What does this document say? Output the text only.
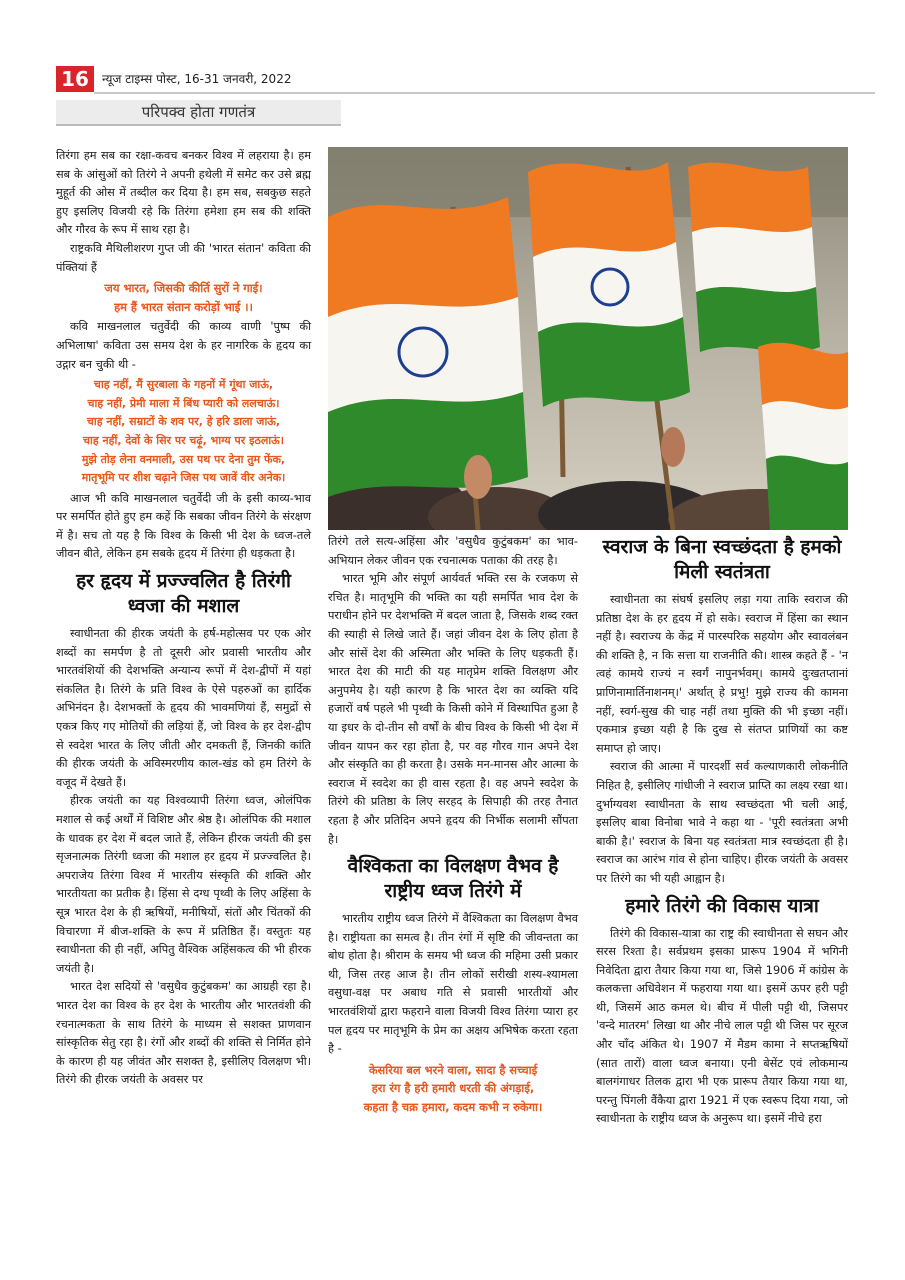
16	न्यूज टाइम्स पोस्ट, 16-31 जनवरी, 2022
परिपक्व होता गणतंत्र

तिरंगा हम सब का रक्षा-कवच बनकर विश्व में लहराया है। हम सब के आंसुओं को तिरंगे ने अपनी हथेली में समेट कर उसे ब्रह्म मुहूर्त की ओस में तब्दील कर दिया है। हम सब, सबकुछ सहते हुए इसलिए विजयी रहे कि तिरंगा हमेशा हम सब की शक्ति और गौरव के रूप में साथ रहा है।

राष्ट्रकवि मैथिलीशरण गुप्त जी की 'भारत संतान' कविता की पंक्तियां हैं

जय भारत, जिसकी कीर्ति सुरों ने गाई।
हम हैं भारत संतान करोड़ों भाई ।।

कवि माखनलाल चतुर्वेदी की काव्य वाणी 'पुष्प की अभिलाषा' कविता उस समय देश के हर नागरिक के हृदय का उद्गार बन चुकी थी -

चाह नहीं, मैं सुरबाला के गहनों में गूंथा जाऊं,
चाह नहीं, प्रेमी माला में बिंध प्यारी को ललचाऊं।
चाह नहीं, सम्राटों के शव पर, हे हरि डाला जाऊं,
चाह नहीं, देवों के सिर पर चढ़ूं, भाग्य पर इठलाऊं।
मुझे तोड़ लेना वनमाली, उस पथ पर देना तुम फेंक,
मातृभूमि पर शीश चढ़ाने जिस पथ जावें वीर अनेक।

आज भी कवि माखनलाल चतुर्वेदी जी के इसी काव्य-भाव पर समर्पित होते हुए हम कहें कि सबका जीवन तिरंगे के संरक्षण में है। सच तो यह है कि विश्व के किसी भी देश के ध्वज-तले जीवन बीते, लेकिन हम सबके हृदय में तिरंगा ही धड़कता है।

हर हृदय में प्रज्ज्वलित है तिरंगी ध्वजा की मशाल

स्वाधीनता की हीरक जयंती के हर्ष-महोत्सव पर एक ओर शब्दों का समर्पण है तो दूसरी ओर प्रवासी भारतीय और भारतवंशियों की देशभक्ति अन्यान्य रूपों में देश-द्वीपों में यहां संकलित है। तिरंगे के प्रति विश्व के ऐसे पहरुओं का हार्दिक अभिनंदन है। देशभक्तों के हृदय की भावमणियां हैं, समुद्रों से एकत्र किए गए मोतियों की लड़ियां हैं, जो विश्व के हर देश-द्वीप से स्वदेश भारत के लिए जीती और दमकती हैं, जिनकी कांति की हीरक जयंती के अविस्मरणीय काल-खंड को हम तिरंगे के वजूद में देखते हैं।

हीरक जयंती का यह विश्वव्यापी तिरंगा ध्वज, ओलंपिक मशाल से कई अर्थों में विशिष्ट और श्रेष्ठ है। ओलंपिक की मशाल के धावक हर देश में बदल जाते हैं, लेकिन हीरक जयंती की इस सृजनात्मक तिरंगी ध्वजा की मशाल हर हृदय में प्रज्ज्वलित है। अपराजेय तिरंगा विश्व में भारतीय संस्कृति की शक्ति और भारतीयता का प्रतीक है। हिंसा से दग्ध पृथ्वी के लिए अहिंसा के सूत्र भारत देश के ही ऋषियों, मनीषियों, संतों और चिंतकों की विचारणा में बीज-शक्ति के रूप में प्रतिष्ठित हैं। वस्तुतः यह स्वाधीनता की ही नहीं, अपितु वैश्विक अहिंसकत्व की भी हीरक जयंती है।

भारत देश सदियों से 'वसुधैव कुटुंबकम' का आग्रही रहा है। भारत देश का विश्व के हर देश के भारतीय और भारतवंशी की रचनात्मकता के साथ तिरंगे के माध्यम से सशक्त प्राणवान सांस्कृतिक सेतु रहा है। रंगों और शब्दों की शक्ति से निर्मित होने के कारण ही यह जीवंत और सशक्त है, इसीलिए विलक्षण भी। तिरंगे की हीरक जयंती के अवसर पर

तिरंगे तले सत्य-अहिंसा और 'वसुधैव कुटुंबकम' का भाव-अभियान लेकर जीवन एक रचनात्मक पताका की तरह है।

भारत भूमि और संपूर्ण आर्यवर्त भक्ति रस के रजकण से रचित है। मातृभूमि की भक्ति का यही समर्पित भाव देश के पराधीन होने पर देशभक्ति में बदल जाता है, जिसके शब्द रक्त की स्याही से लिखे जाते हैं। जहां जीवन देश के लिए होता है और सांसें देश की अस्मिता और भक्ति के लिए धड़कती हैं। भारत देश की माटी की यह मातृप्रेम शक्ति विलक्षण और अनुपमेय है। यही कारण है कि भारत देश का व्यक्ति यदि हजारों वर्ष पहले भी पृथ्वी के किसी कोने में विस्थापित हुआ है या इधर के दो-तीन सौ वर्षों के बीच विश्व के किसी भी देश में जीवन यापन कर रहा होता है, पर वह गौरव गान अपने देश और संस्कृति का ही करता है। उसके मन-मानस और आत्मा के स्वराज में स्वदेश का ही वास रहता है। वह अपने स्वदेश के तिरंगे की प्रतिष्ठा के लिए सरहद के सिपाही की तरह तैनात रहता है और प्रतिदिन अपने हृदय की निर्भीक सलामी सौंपता है।

वैश्विकता का विलक्षण वैभव है राष्ट्रीय ध्वज तिरंगे में

भारतीय राष्ट्रीय ध्वज तिरंगे में वैश्विकता का विलक्षण वैभव है। राष्ट्रीयता का समत्व है। तीन रंगों में सृष्टि की जीवन्तता का बोध होता है। श्रीराम के समय भी ध्वज की महिमा उसी प्रकार थी, जिस तरह आज है। तीन लोकों सरीखी शस्य-श्यामला वसुधा-वक्ष पर अबाध गति से प्रवासी भारतीयों और भारतवंशियों द्वारा फहराने वाला विजयी विश्व तिरंगा प्यारा हर पल हृदय पर मातृभूमि के प्रेम का अक्षय अभिषेक करता रहता है -

केसरिया बल भरने वाला, सादा है सच्चाई
हरा रंग है हरी हमारी धरती की अंगड़ाई,
कहता है चक्र हमारा, कदम कभी न रुकेगा।
स्वराज के बिना स्वच्छंदता है हमको मिली स्वतंत्रता

स्वाधीनता का संघर्ष इसलिए लड़ा गया ताकि स्वराज की प्रतिष्ठा देश के हर हृदय में हो सके। स्वराज में हिंसा का स्थान नहीं है। स्वराज्य के केंद्र में पारस्परिक सहयोग और स्वावलंबन की शक्ति है, न कि सत्ता या राजनीति की। शास्त्र कहते हैं - 'न त्वहं कामये राज्यं न स्वर्गं नापुनर्भवम्। कामये दुःखतप्तानां प्राणिनामार्तिनाशनम्।' अर्थात् हे प्रभु! मुझे राज्य की कामना नहीं, स्वर्ग-सुख की चाह नहीं तथा मुक्ति की भी इच्छा नहीं। एकमात्र इच्छा यही है कि दुख से संतप्त प्राणियों का कष्ट समाप्त हो जाए।

स्वराज की आत्मा में पारदर्शी सर्व कल्याणकारी लोकनीति निहित है, इसीलिए गांधीजी ने स्वराज प्राप्ति का लक्ष्य रखा था। दुर्भाग्यवश स्वाधीनता के साथ स्वच्छंदता भी चली आई, इसलिए बाबा विनोबा भावे ने कहा था - 'पूरी स्वतंत्रता अभी बाकी है।' स्वराज के बिना यह स्वतंत्रता मात्र स्वच्छंदता ही है। स्वराज का आरंभ गांव से होना चाहिए। हीरक जयंती के अवसर पर तिरंगे का भी यही आह्वान है।

हमारे तिरंगे की विकास यात्रा

तिरंगे की विकास-यात्रा का राष्ट्र की स्वाधीनता से सघन और सरस रिश्ता है। सर्वप्रथम इसका प्रारूप 1904 में भगिनी निवेदिता द्वारा तैयार किया गया था, जिसे 1906 में कांग्रेस के कलकत्ता अधिवेशन में फहराया गया था। इसमें ऊपर हरी पट्टी थी, जिसमें आठ कमल थे। बीच में पीली पट्टी थी, जिसपर 'वन्दे मातरम' लिखा था और नीचे लाल पट्टी थी जिस पर सूरज और चाँद अंकित थे। 1907 में मैडम कामा ने सप्तऋषियों (सात तारों) वाला ध्वज बनाया। एनी बेसेंट एवं लोकमान्य बालगंगाधर तिलक द्वारा भी एक प्रारूप तैयार किया गया था, परन्तु पिंगली वैंकैया द्वारा 1921 में एक स्वरूप दिया गया, जो स्वाधीनता के राष्ट्रीय ध्वज के अनुरूप था। इसमें नीचे हरा
